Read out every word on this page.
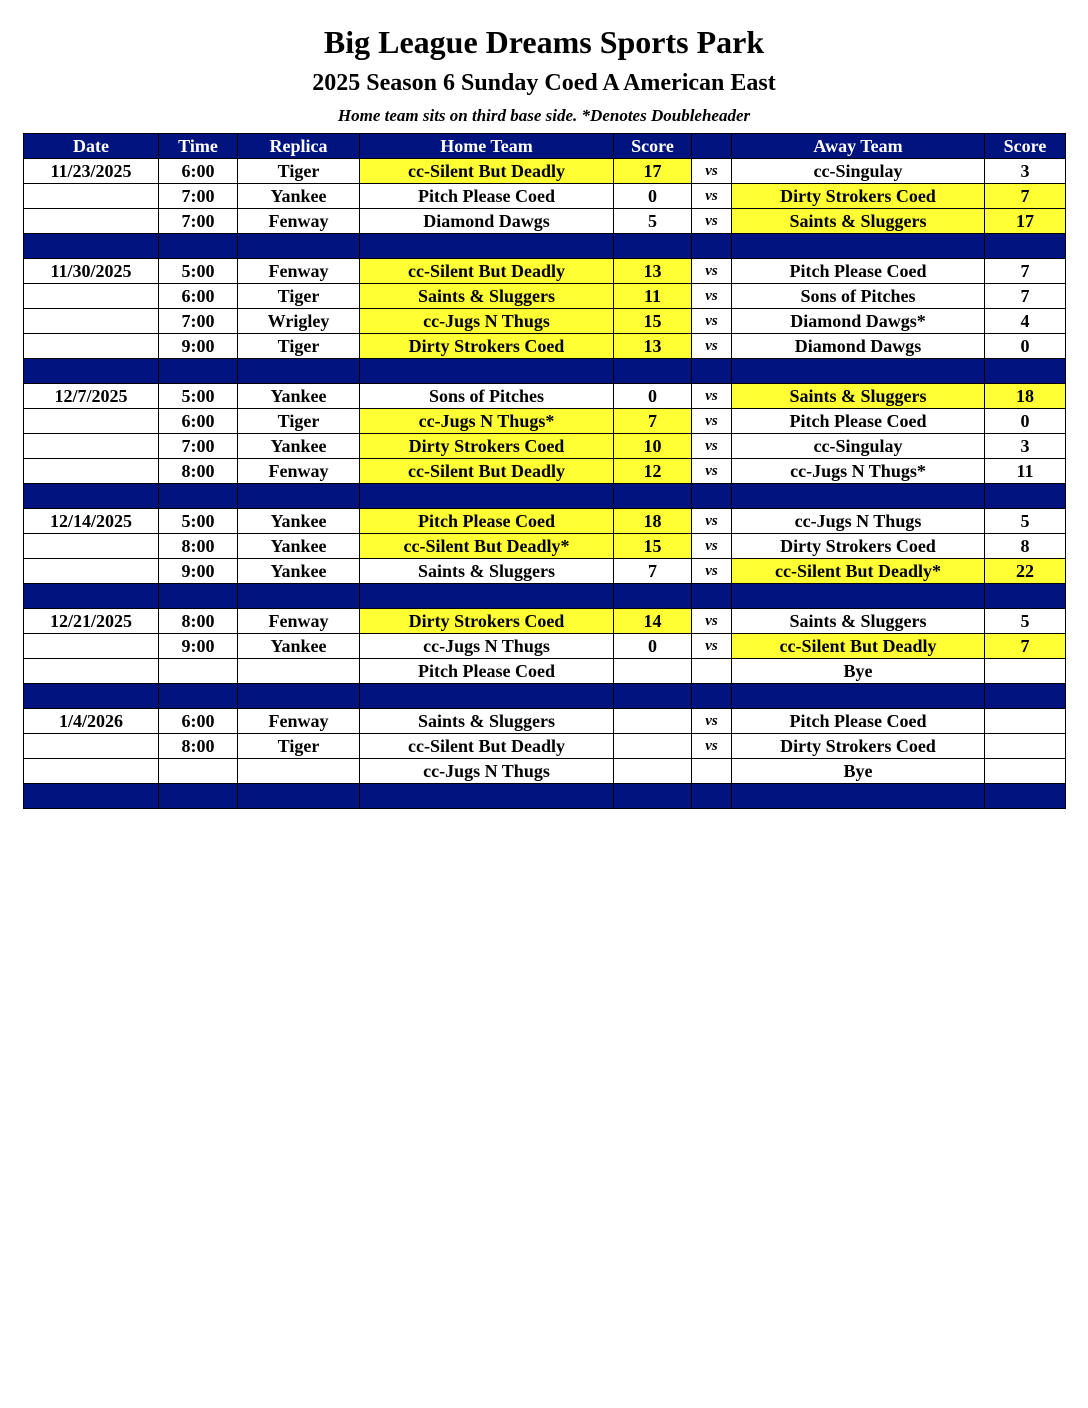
Big League Dreams Sports Park
2025 Season 6 Sunday Coed A American East
Home team sits on third base side. *Denotes Doubleheader
Date	Time	Replica	Home Team	Score		Away Team	Score
11/23/2025	6:00	Tiger	cc-Silent But Deadly	17	vs	cc-Singulay	3
	7:00	Yankee	Pitch Please Coed	0	vs	Dirty Strokers Coed	7
	7:00	Fenway	Diamond Dawgs	5	vs	Saints & Sluggers	17

11/30/2025	5:00	Fenway	cc-Silent But Deadly	13	vs	Pitch Please Coed	7
	6:00	Tiger	Saints & Sluggers	11	vs	Sons of Pitches	7
	7:00	Wrigley	cc-Jugs N Thugs	15	vs	Diamond Dawgs*	4
	9:00	Tiger	Dirty Strokers Coed	13	vs	Diamond Dawgs	0

12/7/2025	5:00	Yankee	Sons of Pitches	0	vs	Saints & Sluggers	18
	6:00	Tiger	cc-Jugs N Thugs*	7	vs	Pitch Please Coed	0
	7:00	Yankee	Dirty Strokers Coed	10	vs	cc-Singulay	3
	8:00	Fenway	cc-Silent But Deadly	12	vs	cc-Jugs N Thugs*	11

12/14/2025	5:00	Yankee	Pitch Please Coed	18	vs	cc-Jugs N Thugs	5
	8:00	Yankee	cc-Silent But Deadly*	15	vs	Dirty Strokers Coed	8
	9:00	Yankee	Saints & Sluggers	7	vs	cc-Silent But Deadly*	22

12/21/2025	8:00	Fenway	Dirty Strokers Coed	14	vs	Saints & Sluggers	5
	9:00	Yankee	cc-Jugs N Thugs	0	vs	cc-Silent But Deadly	7
			Pitch Please Coed			Bye	

1/4/2026	6:00	Fenway	Saints & Sluggers		vs	Pitch Please Coed	
	8:00	Tiger	cc-Silent But Deadly		vs	Dirty Strokers Coed	
			cc-Jugs N Thugs			Bye	
